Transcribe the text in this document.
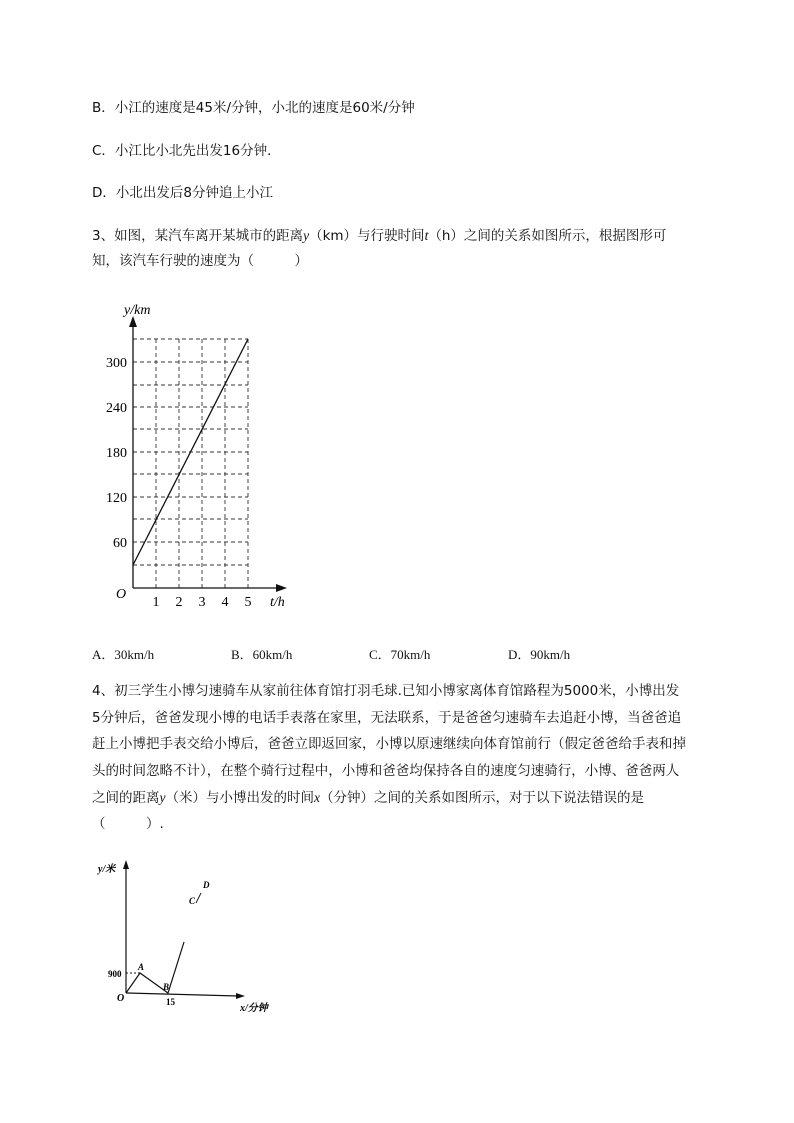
B．小江的速度是45米/分钟，小北的速度是60米/分钟
C．小江比小北先出发16分钟．
D．小北出发后8分钟追上小江
3、如图，某汽车离开某城市的距离y（km）与行驶时间t（h）之间的关系如图所示，根据图形可
知，该汽车行驶的速度为（　　　）
y/km
t/h
O
60
120
180
240
300
1 2 3 4 5
A．30km/h	B．60km/h	C．70km/h	D．90km/h
4、初三学生小博匀速骑车从家前往体育馆打羽毛球.已知小博家离体育馆路程为5000米，小博出发
5分钟后，爸爸发现小博的电话手表落在家里，无法联系，于是爸爸匀速骑车去追赶小博，当爸爸追
赶上小博把手表交给小博后，爸爸立即返回家，小博以原速继续向体育馆前行（假定爸爸给手表和掉
头的时间忽略不计），在整个骑行过程中，小博和爸爸均保持各自的速度匀速骑行，小博、爸爸两人
之间的距离y（米）与小博出发的时间x（分钟）之间的关系如图所示，对于以下说法错误的是
（　　　）.
y/米
x/分钟
O
900
15
A
B
C
D
